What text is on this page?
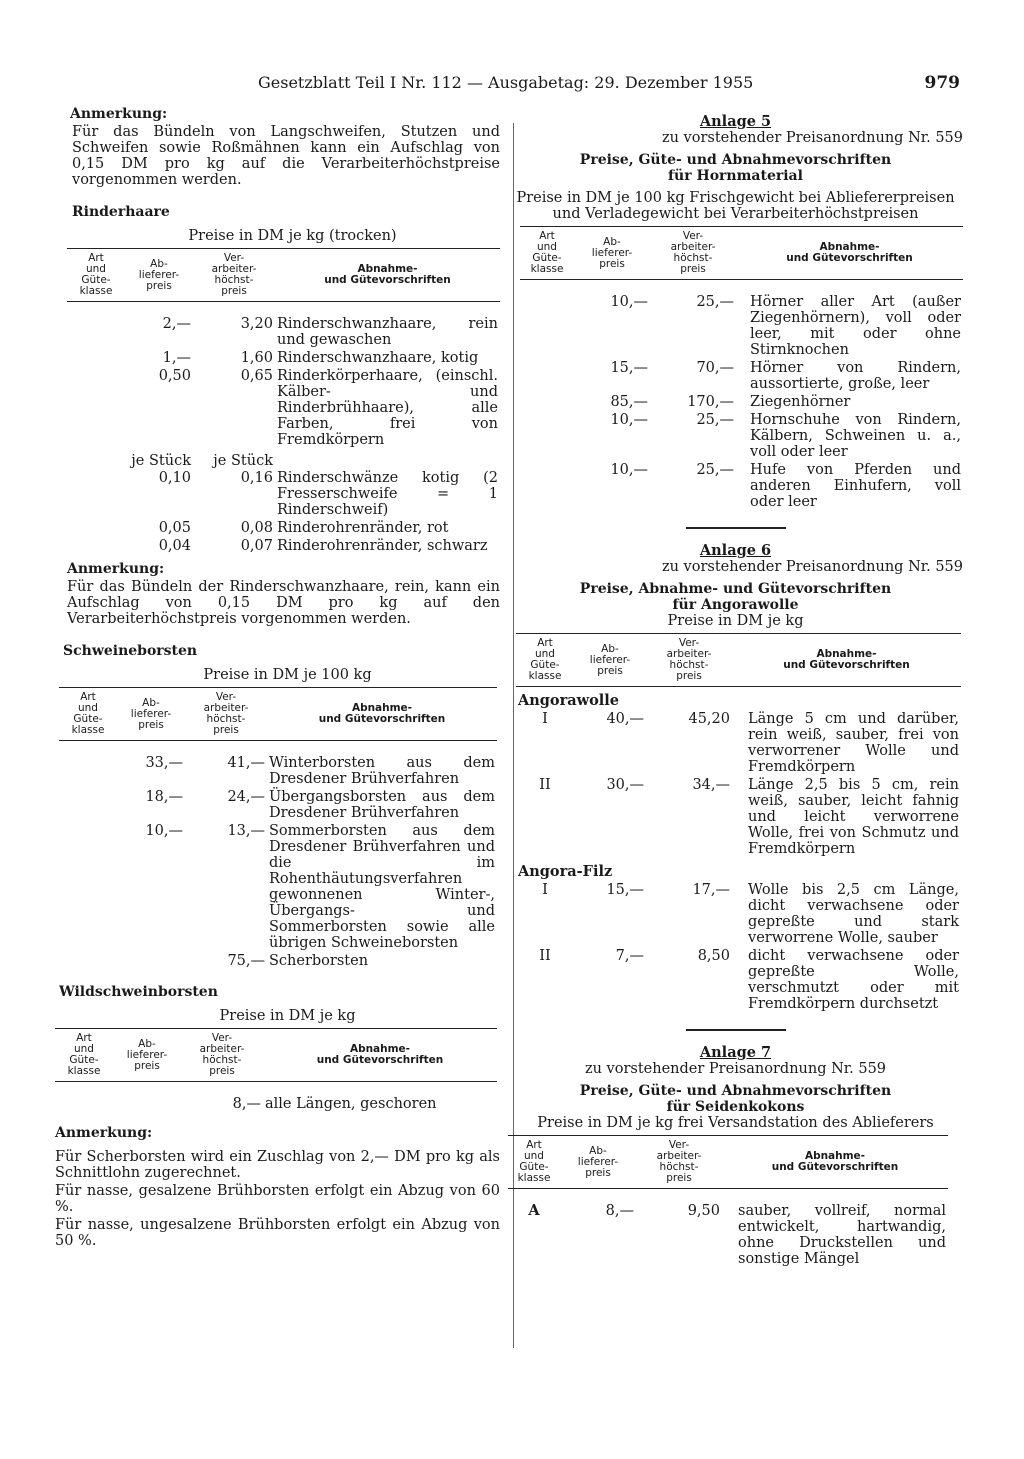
Gesetzblatt Teil I Nr. 112 — Ausgabetag: 29. Dezember 1955	979
Anmerkung:
Für das Bündeln von Langschweifen, Stutzen und Schweifen sowie Roßmähnen kann ein Aufschlag von 0,15 DM pro kg auf die Verarbeiterhöchstpreise vorgenommen werden.
Rinderhaare
Preise in DM je kg (trocken)
Art
und
Güte-
klasse	Ab-
lieferer-
preis	Ver-
arbeiter-
höchst-
preis	Abnahme-
und Gütevorschriften

	2,—	3,20	Rinderschwanzhaare, rein und gewaschen
	1,—	1,60	Rinderschwanzhaare, kotig
	0,50	0,65	Rinderkörperhaare, (einschl. Kälber- und Rinderbrühhaare), alle Farben, frei von Fremdkörpern
	je Stück	je Stück	
	0,10	0,16	Rinderschwänze kotig (2 Fresserschweife = 1 Rinderschweif)
	0,05	0,08	Rinderohrenränder, rot
	0,04	0,07	Rinderohrenränder, schwarz
Anmerkung:
Für das Bündeln der Rinderschwanzhaare, rein, kann ein Aufschlag von 0,15 DM pro kg auf den Verarbeiterhöchstpreis vorgenommen werden.
Schweineborsten
Preise in DM je 100 kg
Art
und
Güte-
klasse	Ab-
lieferer-
preis	Ver-
arbeiter-
höchst-
preis	Abnahme-
und Gütevorschriften

	33,—	41,—	Winterborsten aus dem Dresdener Brühverfahren
	18,—	24,—	Übergangsborsten aus dem Dresdener Brühverfahren
	10,—	13,—	Sommerborsten aus dem Dresdener Brühverfahren und die im Rohenthäutungsverfahren gewonnenen Winter-, Übergangs- und Sommerborsten sowie alle übrigen Schweineborsten
		75,—	Scherborsten
Wildschweinborsten
Preise in DM je kg
Art
und
Güte-
klasse	Ab-
lieferer-
preis	Ver-
arbeiter-
höchst-
preis	Abnahme-
und Gütevorschriften

		8,—	alle Längen, geschoren
Anmerkung:
Für Scherborsten wird ein Zuschlag von 2,— DM pro kg als Schnittlohn zugerechnet.
Für nasse, gesalzene Brühborsten erfolgt ein Abzug von 60 %.
Für nasse, ungesalzene Brühborsten erfolgt ein Abzug von 50 %.
Anlage 5
zu vorstehender Preisanordnung Nr. 559
Preise, Güte- und Abnahmevorschriften
für Hornmaterial
Preise in DM je 100 kg Frischgewicht bei Abliefererpreisen und Verladegewicht bei Verarbeiterhöchstpreisen
Art
und
Güte-
klasse	Ab-
lieferer-
preis	Ver-
arbeiter-
höchst-
preis	Abnahme-
und Gütevorschriften

	10,—	25,—	Hörner aller Art (außer Ziegenhörnern), voll oder leer, mit oder ohne Stirnknochen
	15,—	70,—	Hörner von Rindern, aussortierte, große, leer
	85,—	170,—	Ziegenhörner
	10,—	25,—	Hornschuhe von Rindern, Kälbern, Schweinen u. a., voll oder leer
	10,—	25,—	Hufe von Pferden und anderen Einhufern, voll oder leer
Anlage 6
zu vorstehender Preisanordnung Nr. 559
Preise, Abnahme- und Gütevorschriften
für Angorawolle
Preise in DM je kg
Art
und
Güte-
klasse	Ab-
lieferer-
preis	Ver-
arbeiter-
höchst-
preis	Abnahme-
und Gütevorschriften

Angorawolle			
I	40,—	45,20	Länge 5 cm und darüber, rein weiß, sauber, frei von verworrener Wolle und Fremdkörpern
II	30,—	34,—	Länge 2,5 bis 5 cm, rein weiß, sauber, leicht fahnig und leicht verworrene Wolle, frei von Schmutz und Fremdkörpern
Angora-Filz			
I	15,—	17,—	Wolle bis 2,5 cm Länge, dicht verwachsene oder gepreßte und stark verworrene Wolle, sauber
II	7,—	8,50	dicht verwachsene oder gepreßte Wolle, verschmutzt oder mit Fremdkörpern durchsetzt
Anlage 7
zu vorstehender Preisanordnung Nr. 559
Preise, Güte- und Abnahmevorschriften
für Seidenkokons
Preise in DM je kg frei Versandstation des Ablieferers
Art
und
Güte-
klasse	Ab-
lieferer-
preis	Ver-
arbeiter-
höchst-
preis	Abnahme-
und Gütevorschriften

A	8,—	9,50	sauber, vollreif, normal entwickelt, hartwandig, ohne Druckstellen und sonstige Mängel
